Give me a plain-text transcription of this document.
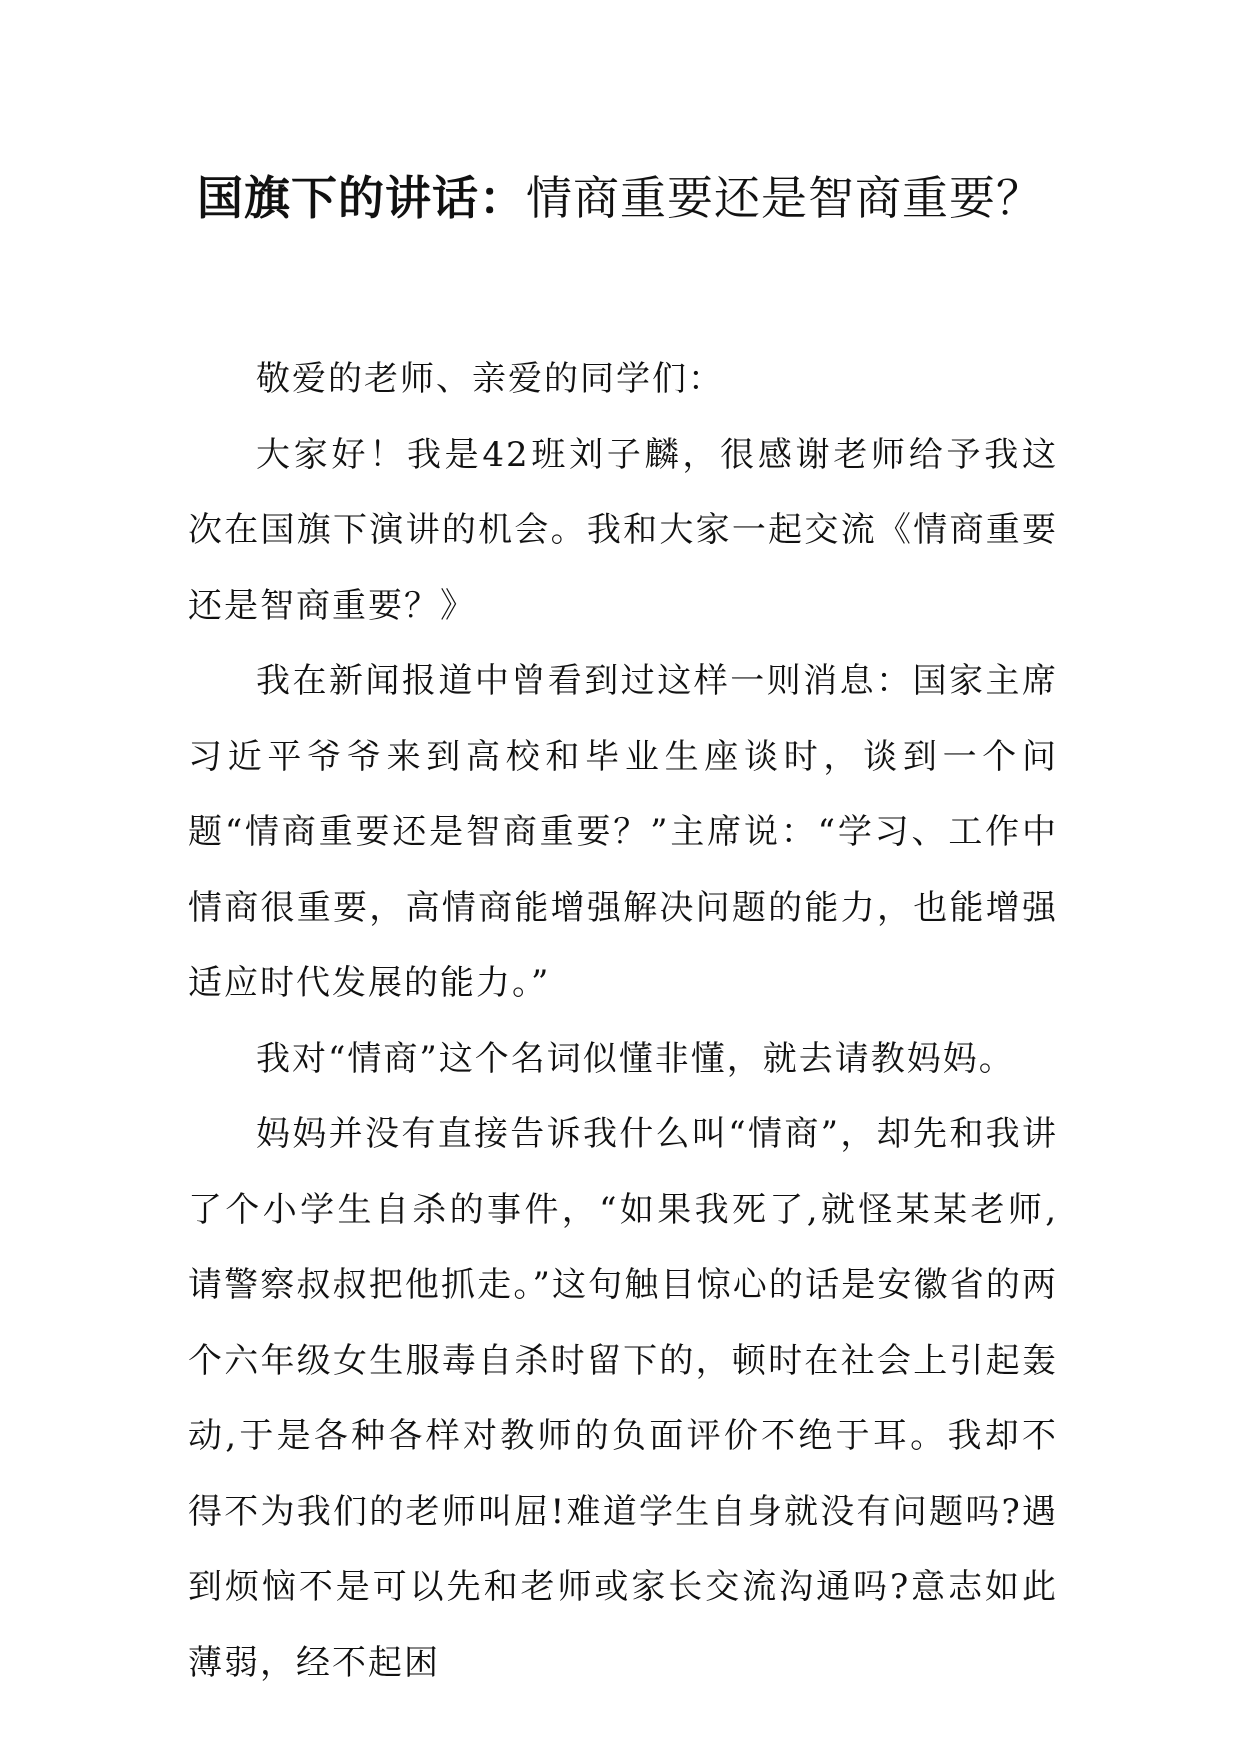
国旗下的讲话：情商重要还是智商重要？

敬爱的老师、亲爱的同学们：

大家好！我是42班刘子麟，很感谢老师给予我这次在国旗下演讲的机会。我和大家一起交流《情商重要还是智商重要？》

我在新闻报道中曾看到过这样一则消息：国家主席习近平爷爷来到高校和毕业生座谈时，谈到一个问题“情商重要还是智商重要？”主席说：“学习、工作中情商很重要，高情商能增强解决问题的能力，也能增强适应时代发展的能力。”

我对“情商”这个名词似懂非懂，就去请教妈妈。

妈妈并没有直接告诉我什么叫“情商”，却先和我讲了个小学生自杀的事件，“如果我死了,就怪某某老师,请警察叔叔把他抓走。”这句触目惊心的话是安徽省的两个六年级女生服毒自杀时留下的，顿时在社会上引起轰动,于是各种各样对教师的负面评价不绝于耳。我却不得不为我们的老师叫屈!难道学生自身就没有问题吗?遇到烦恼不是可以先和老师或家长交流沟通吗?意志如此薄弱，经不起困
